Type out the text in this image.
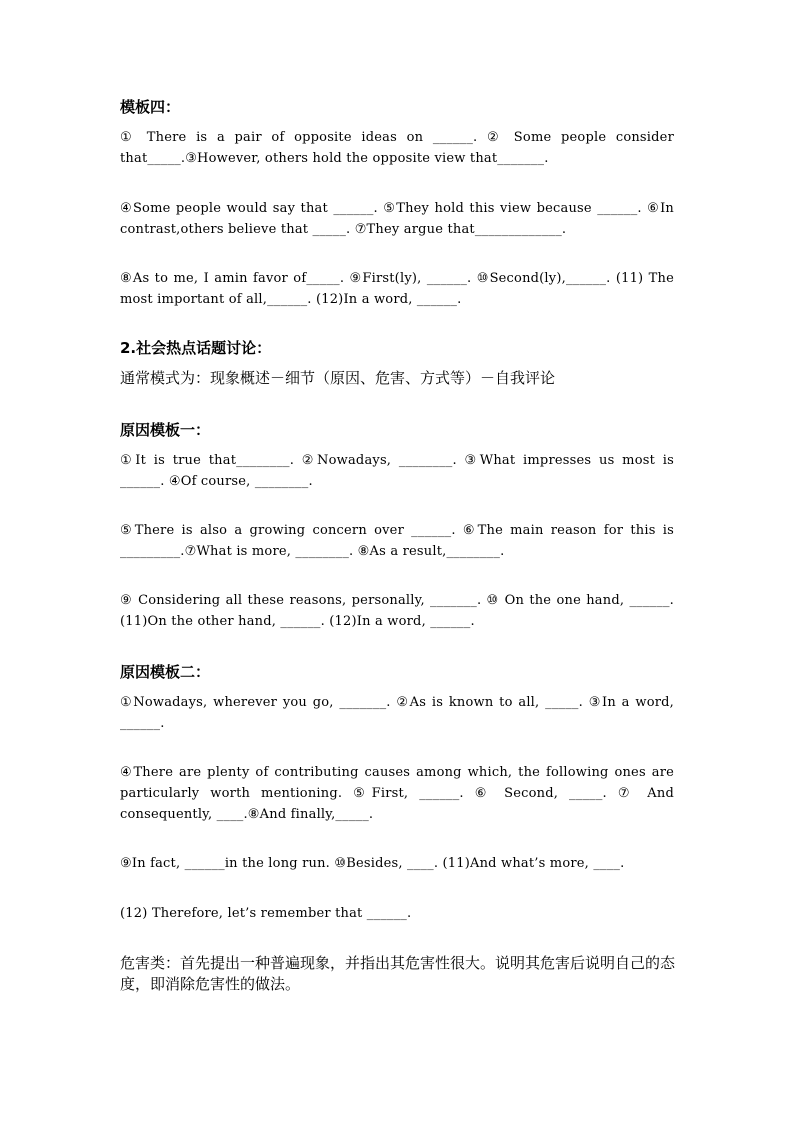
模板四：
① There is a pair of opposite ideas on ______. ② Some people consider that_____.③However, others hold the opposite view that_______.
④Some people would say that ______. ⑤They hold this view because ______. ⑥In contrast,others believe that _____. ⑦They argue that_____________.
⑧As to me, I amin favor of_____. ⑨First(ly), ______. ⑩Second(ly),______. (11) The most important of all,______. (12)In a word, ______.
2.社会热点话题讨论：
通常模式为：现象概述－细节（原因、危害、方式等）－自我评论
原因模板一：
①It is true that________. ②Nowadays, ________. ③What impresses us most is ______. ④Of course, ________.
⑤There is also a growing concern over ______. ⑥The main reason for this is _________.⑦What is more, ________. ⑧As a result,________.
⑨ Considering all these reasons, personally, _______. ⑩ On the one hand, ______.(11)On the other hand, ______. (12)In a word, ______.
原因模板二：
①Nowadays, wherever you go, _______. ②As is known to all, _____. ③In a word, ______.
④There are plenty of contributing causes among which, the following ones are particularly worth mentioning. ⑤First, ______. ⑥ Second, _____. ⑦ And consequently, ____.⑧And finally,_____.
⑨In fact, ______in the long run. ⑩Besides, ____. (11)And what’s more, ____.
(12) Therefore, let’s remember that ______.
危害类：首先提出一种普遍现象，并指出其危害性很大。说明其危害后说明自己的态度，即消除危害性的做法。
